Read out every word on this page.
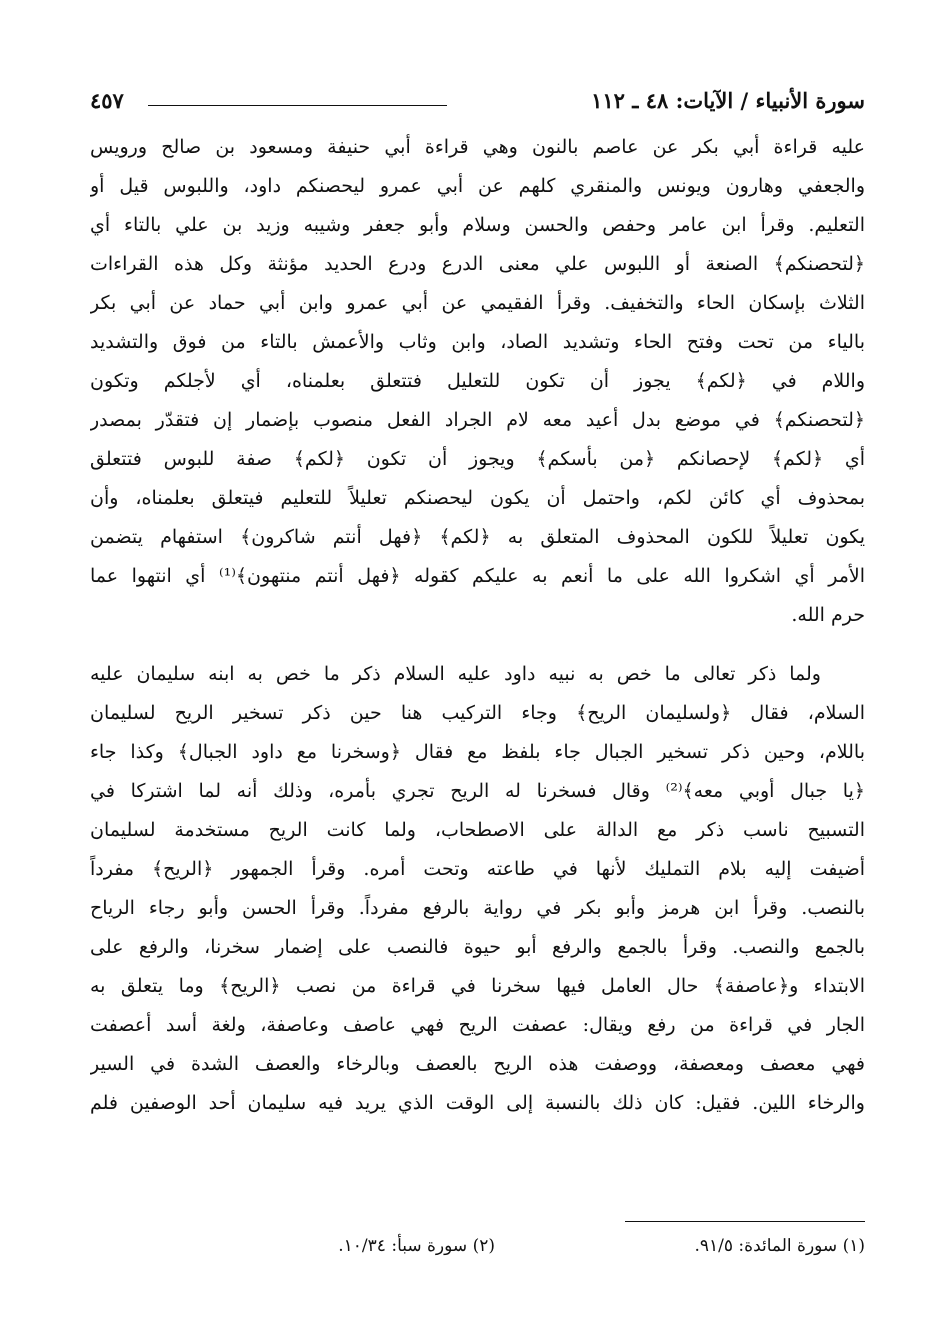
سورة الأنبياء / الآيات: ٤٨ ـ ١١٢
٤٥٧
عليه قراءة أبي بكر عن عاصم بالنون وهي قراءة أبي حنيفة ومسعود بن صالح ورويس
والجعفي وهارون ويونس والمنقري كلهم عن أبي عمرو ليحصنكم داود، واللبوس قيل أو
التعليم. وقرأ ابن عامر وحفص والحسن وسلام وأبو جعفر وشيبه وزيد بن علي بالتاء أي
﴿لتحصنكم﴾ الصنعة أو اللبوس علي معنى الدرع ودرع الحديد مؤنثة وكل هذه القراءات
الثلاث بإسكان الحاء والتخفيف. وقرأ الفقيمي عن أبي عمرو وابن أبي حماد عن أبي بكر
بالياء من تحت وفتح الحاء وتشديد الصاد، وابن وثاب والأعمش بالتاء من فوق والتشديد
واللام في ﴿لكم﴾ يجوز أن تكون للتعليل فتتعلق بعلمناه، أي لأجلكم وتكون
﴿لتحصنكم﴾ في موضع بدل أعيد معه لام الجراد الفعل منصوب بإضمار إن فتقدّر بمصدر
أي ﴿لكم﴾ لإحصانكم ﴿من بأسكم﴾ ويجوز أن تكون ﴿لكم﴾ صفة للبوس فتتعلق
بمحذوف أي كائن لكم، واحتمل أن يكون ليحصنكم تعليلاً للتعليم فيتعلق بعلمناه، وأن
يكون تعليلاً للكون المحذوف المتعلق به ﴿لكم﴾ ﴿فهل أنتم شاكرون﴾ استفهام يتضمن
الأمر أي اشكروا الله على ما أنعم به عليكم كقوله ﴿فهل أنتم منتهون﴾⁽¹⁾ أي انتهوا عما
حرم الله.
ولما ذكر تعالى ما خص به نبيه داود عليه السلام ذكر ما خص به ابنه سليمان عليه
السلام، فقال ﴿ولسليمان الريح﴾ وجاء التركيب هنا حين ذكر تسخير الريح لسليمان
باللام، وحين ذكر تسخير الجبال جاء بلفظ مع فقال ﴿وسخرنا مع داود الجبال﴾ وكذا جاء
﴿يا جبال أوبي معه﴾⁽²⁾ وقال فسخرنا له الريح تجري بأمره، وذلك أنه لما اشتركا في
التسبيح ناسب ذكر مع الدالة على الاصطحاب، ولما كانت الريح مستخدمة لسليمان
أضيفت إليه بلام التمليك لأنها في طاعته وتحت أمره. وقرأ الجمهور ﴿الريح﴾ مفرداً
بالنصب. وقرأ ابن هرمز وأبو بكر في رواية بالرفع مفرداً. وقرأ الحسن وأبو رجاء الرياح
بالجمع والنصب. وقرأ بالجمع والرفع أبو حيوة فالنصب على إضمار سخرنا، والرفع على
الابتداء و﴿عاصفة﴾ حال العامل فيها سخرنا في قراءة من نصب ﴿الريح﴾ وما يتعلق به
الجار في قراءة من رفع ويقال: عصفت الريح فهي عاصف وعاصفة، ولغة أسد أعصفت
فهي معصف ومعصفة، ووصفت هذه الريح بالعصف وبالرخاء والعصف الشدة في السير
والرخاء اللين. فقيل: كان ذلك بالنسبة إلى الوقت الذي يريد فيه سليمان أحد الوصفين فلم
(١) سورة المائدة: ٩١/٥.
(٢) سورة سبأ: ١٠/٣٤.
